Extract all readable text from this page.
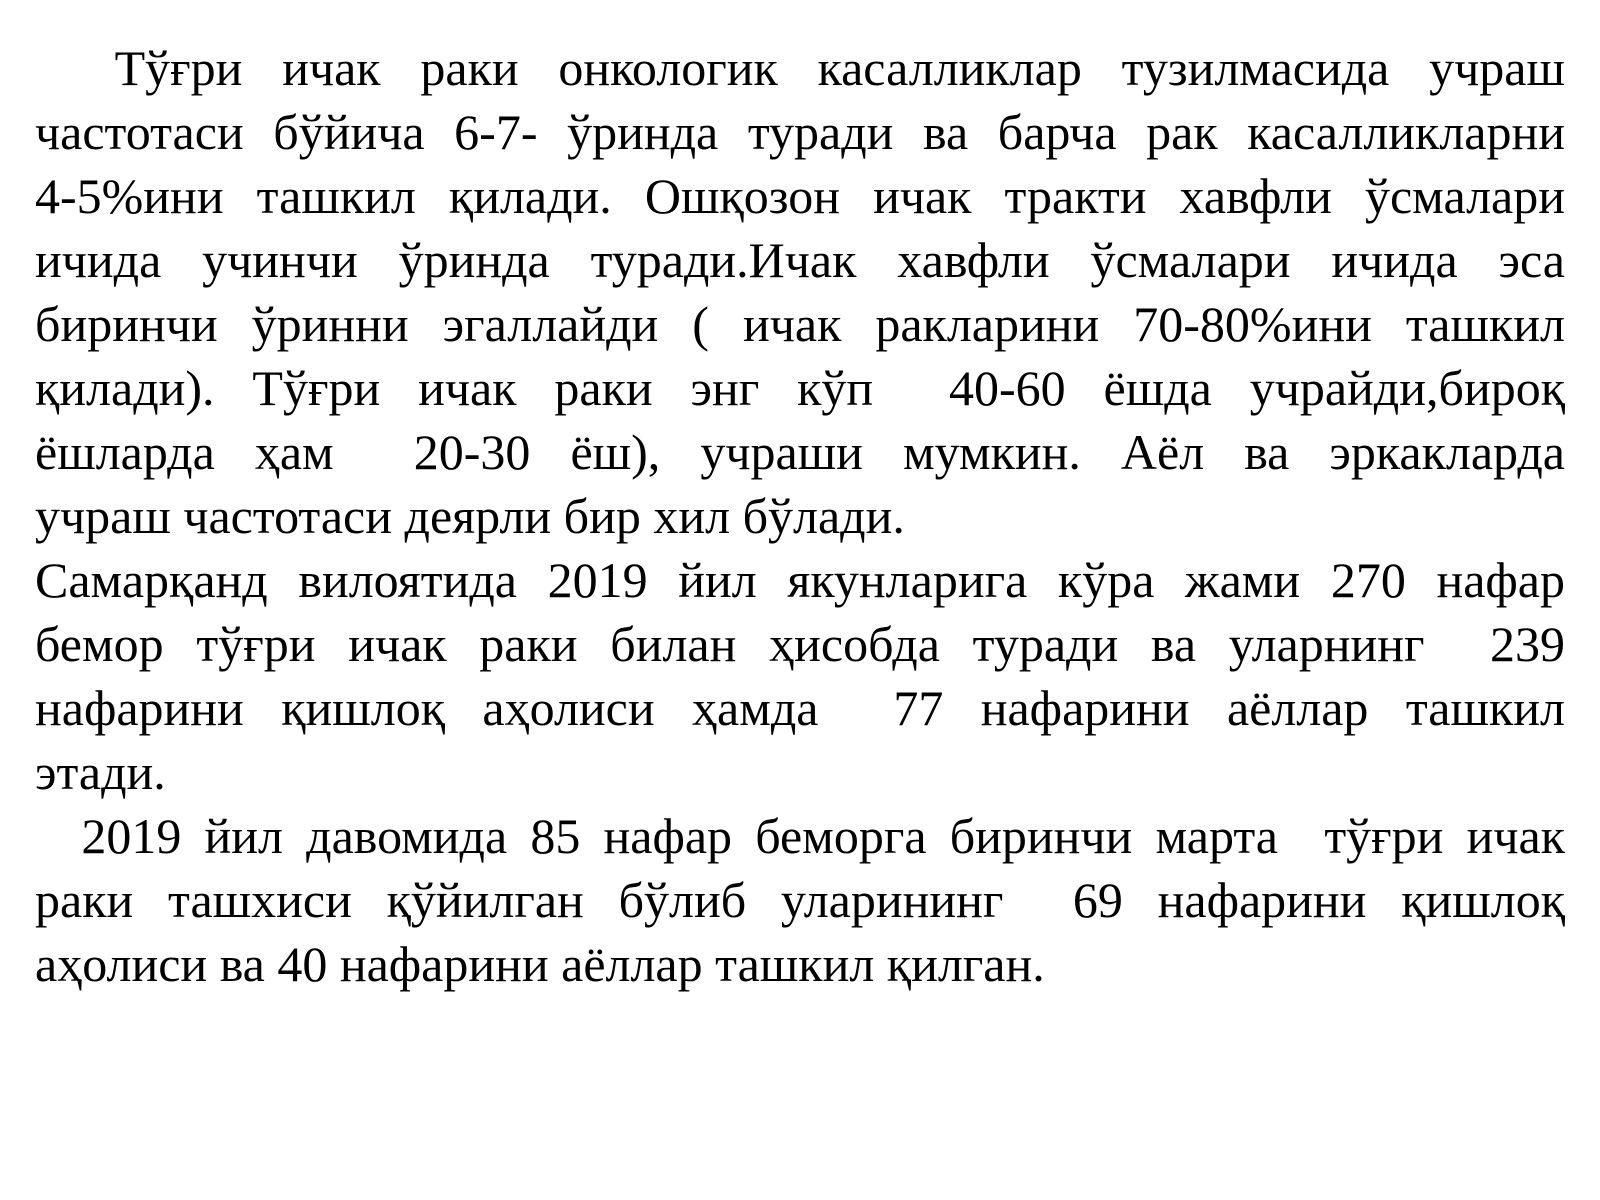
Тўғри  ичак  раки  онкологик  касалликлар  тузилмасида  учраш
частотаси бўйича 6-7- ўринда туради ва барча рак касалликларни
4-5%ини ташкил қилади. Ошқозон ичак тракти хавфли ўсмалари
ичида  учинчи  ўринда  туради.Ичак  хавфли  ўсмалари  ичида  эса
биринчи ўринни эгаллайди ( ичак ракларини 70-80%ини ташкил
қилади). Тўғри ичак раки энг кўп  40-60 ёшда учрайди,бироқ
ёшларда ҳам  20-30 ёш), учраши мумкин. Аёл ва эркакларда
учраш частотаси деярли бир хил бўлади.
Самарқанд вилоятида 2019 йил якунларига кўра жами 270 нафар
бемор тўғри ичак раки билан ҳисобда туради ва уларнинг  239
нафарини қишлоқ аҳолиси ҳамда  77 нафарини аёллар ташкил
этади.
2019 йил давомида 85 нафар беморга биринчи марта  тўғри ичак
раки ташхиси қўйилган бўлиб уларининг  69 нафарини қишлоқ
аҳолиси ва 40 нафарини аёллар ташкил қилган.
